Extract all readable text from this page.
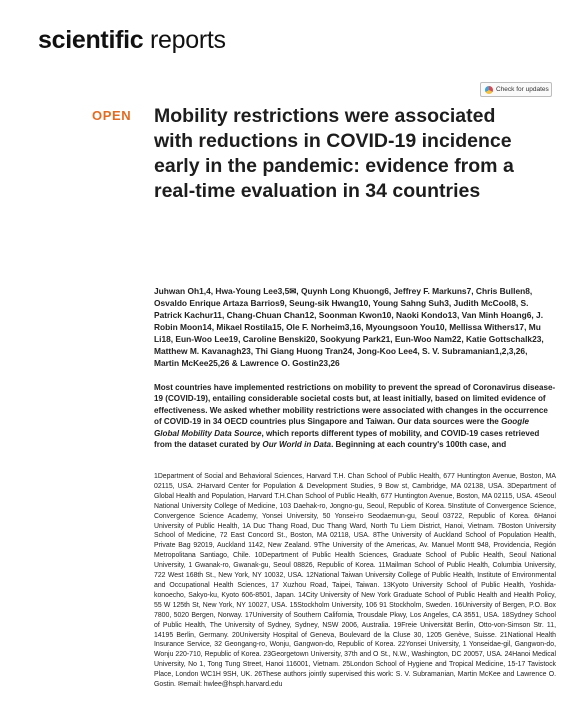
scientific reports
Check for updates
OPEN Mobility restrictions were associated with reductions in COVID-19 incidence early in the pandemic: evidence from a real-time evaluation in 34 countries
Juhwan Oh1,4, Hwa-Young Lee3,5✉, Quynh Long Khuong6, Jeffrey F. Markuns7, Chris Bullen8, Osvaldo Enrique Artaza Barrios9, Seung-sik Hwang10, Young Sahng Suh3, Judith McCool8, S. Patrick Kachur11, Chang-Chuan Chan12, Soonman Kwon10, Naoki Kondo13, Van Minh Hoang6, J. Robin Moon14, Mikael Rostila15, Ole F. Norheim3,16, Myoungsoon You10, Mellissa Withers17, Mu Li18, Eun-Woo Lee19, Caroline Benski20, Sookyung Park21, Eun-Woo Nam22, Katie Gottschalk23, Matthew M. Kavanagh23, Thi Giang Huong Tran24, Jong-Koo Lee4, S. V. Subramanian1,2,3,26, Martin McKee25,26 & Lawrence O. Gostin23,26
Most countries have implemented restrictions on mobility to prevent the spread of Coronavirus disease-19 (COVID-19), entailing considerable societal costs but, at least initially, based on limited evidence of effectiveness. We asked whether mobility restrictions were associated with changes in the occurrence of COVID-19 in 34 OECD countries plus Singapore and Taiwan. Our data sources were the Google Global Mobility Data Source, which reports different types of mobility, and COVID-19 cases retrieved from the dataset curated by Our World in Data. Beginning at each country's 100th case, and
1Department of Social and Behavioral Sciences, Harvard T.H. Chan School of Public Health, 677 Huntington Avenue, Boston, MA 02115, USA. 2Harvard Center for Population & Development Studies, 9 Bow st, Cambridge, MA 02138, USA. 3Department of Global Health and Population, Harvard T.H.Chan School of Public Health, 677 Huntington Avenue, Boston, MA 02115, USA. 4Seoul National University College of Medicine, 103 Daehak-ro, Jongno-gu, Seoul, Republic of Korea. 5Institute of Convergence Science, Convergence Science Academy, Yonsei University, 50 Yonsei-ro Seodaemun-gu, Seoul 03722, Republic of Korea. 6Hanoi University of Public Health, 1A Duc Thang Road, Duc Thang Ward, North Tu Liem District, Hanoi, Vietnam. 7Boston University School of Medicine, 72 East Concord St., Boston, MA 02118, USA. 8The University of Auckland School of Population Health, Private Bag 92019, Auckland 1142, New Zealand. 9The University of the Americas, Av. Manuel Montt 948, Providencia, Región Metropolitana Santiago, Chile. 10Department of Public Health Sciences, Graduate School of Public Health, Seoul National University, 1 Gwanak-ro, Gwanak-gu, Seoul 08826, Republic of Korea. 11Mailman School of Public Health, Columbia University, 722 West 168th St., New York, NY 10032, USA. 12National Taiwan University College of Public Health, Institute of Environmental and Occupational Health Sciences, 17 Xuzhou Road, Taipei, Taiwan. 13Kyoto University School of Public Health, Yoshida-konoecho, Sakyo-ku, Kyoto 606-8501, Japan. 14City University of New York Graduate School of Public Health and Health Policy, 55 W 125th St, New York, NY 10027, USA. 15Stockholm University, 106 91 Stockholm, Sweden. 16University of Bergen, P.O. Box 7800, 5020 Bergen, Norway. 17University of Southern California, Trousdale Pkwy, Los Angeles, CA 3551, USA. 18Sydney School of Public Health, The University of Sydney, Sydney, NSW 2006, Australia. 19Freie Universität Berlin, Otto-von-Simson Str. 11, 14195 Berlin, Germany. 20University Hospital of Geneva, Boulevard de la Cluse 30, 1205 Genève, Suisse. 21National Health Insurance Service, 32 Geongang-ro, Wonju, Gangwon-do, Republic of Korea. 22Yonsei University, 1 Yonseidae-gil, Gangwon-do, Wonju 220-710, Republic of Korea. 23Georgetown University, 37th and O St., N.W., Washington, DC 20057, USA. 24Hanoi Medical University, No 1, Tong Tung Street, Hanoi 116001, Vietnam. 25London School of Hygiene and Tropical Medicine, 15-17 Tavistock Place, London WC1H 9SH, UK. 26These authors jointly supervised this work: S. V. Subramanian, Martin McKee and Lawrence O. Gostin. ✉email: hwlee@hsph.harvard.edu
